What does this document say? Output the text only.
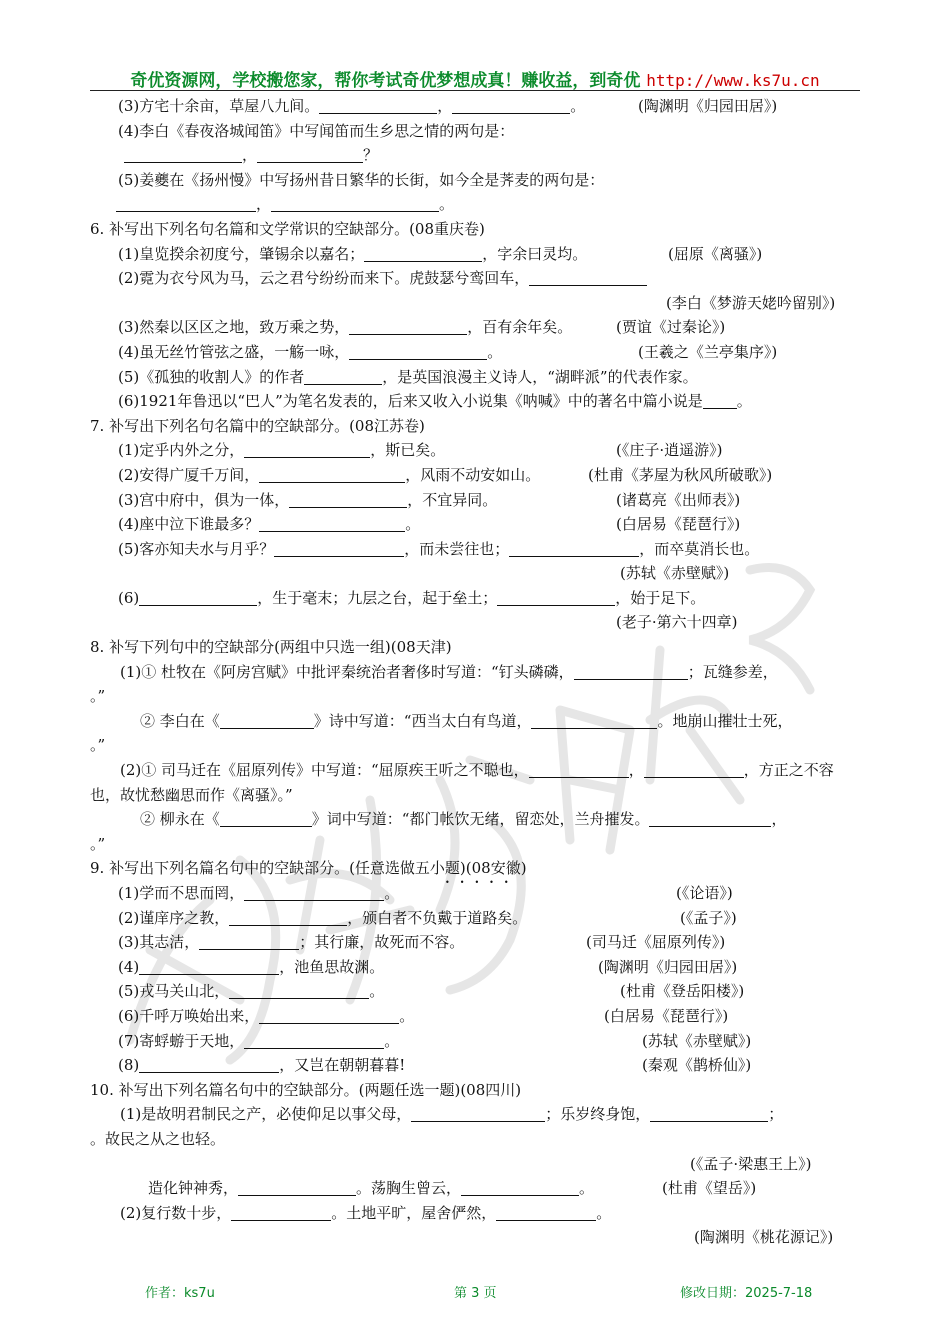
奇优资源网，学校搬您家，帮你考试奇优梦想成真！赚收益，到奇优 http://www.ks7u.cn
(3)方宅十余亩，草屋八九间。	，	。	(陶渊明《归园田居》)
(4)李白《春夜洛城闻笛》中写闻笛而生乡思之情的两句是：
，	？
(5)姜夔在《扬州慢》中写扬州昔日繁华的长街，如今全是荠麦的两句是：
，	。
6. 补写出下列名句名篇和文学常识的空缺部分。(08重庆卷)
(1)皇览揆余初度兮，肇锡余以嘉名；	，字余曰灵均。	(屈原《离骚》)
(2)霓为衣兮风为马，云之君兮纷纷而来下。虎鼓瑟兮鸾回车，
(李白《梦游天姥吟留别》)
(3)然秦以区区之地，致万乘之势，	，百有余年矣。	(贾谊《过秦论》)
(4)虽无丝竹管弦之盛，一觞一咏，	。	(王羲之《兰亭集序》)
(5)《孤独的收割人》的作者	，是英国浪漫主义诗人，“湖畔派”的代表作家。
(6)1921年鲁迅以“巴人”为笔名发表的，后来又收入小说集《呐喊》中的著名中篇小说是 。
7. 补写出下列名句名篇中的空缺部分。(08江苏卷)
(1)定乎内外之分，	，斯已矣。	(《庄子·逍遥游》)
(2)安得广厦千万间，	，风雨不动安如山。	(杜甫《茅屋为秋风所破歌》)
(3)宫中府中，俱为一体，	，不宜异同。	(诸葛亮《出师表》)
(4)座中泣下谁最多？	。	(白居易《琵琶行》)
(5)客亦知夫水与月乎？	，而未尝往也；	，而卒莫消长也。
(苏轼《赤壁赋》)
(6)	，生于毫末；九层之台，起于垒土；	，始于足下。
(老子·第六十四章)
8. 补写下列句中的空缺部分(两组中只选一组)(08天津)
(1)① 杜牧在《阿房宫赋》中批评秦统治者奢侈时写道：“钉头磷磷，	；瓦缝参差，
。”
② 李白在《	》诗中写道：“西当太白有鸟道，	。地崩山摧壮士死，
。”
(2)① 司马迁在《屈原列传》中写道：“屈原疾王听之不聪也，	，	，方正之不容
也，故忧愁幽思而作《离骚》。”
② 柳永在《	》词中写道：“都门帐饮无绪，留恋处，兰舟摧发。	，
。”
9. 补写出下列名篇名句中的空缺部分。(任意选做五小题)(08安徽)
•••••
(1)学而不思而罔，	。	(《论语》)
(2)谨庠序之教，	，颁白者不负戴于道路矣。	(《孟子》)
(3)其志洁，	；其行廉，故死而不容。	(司马迁《屈原列传》)
(4)	，池鱼思故渊。	(陶渊明《归园田居》)
(5)戎马关山北，	。	(杜甫《登岳阳楼》)
(6)千呼万唤始出来，	。	(白居易《琵琶行》)
(7)寄蜉蝣于天地，	。	(苏轼《赤壁赋》)
(8)	，又岂在朝朝暮暮!	(秦观《鹊桥仙》)
10. 补写出下列名篇名句中的空缺部分。(两题任选一题)(08四川)
(1)是故明君制民之产，必使仰足以事父母，	；乐岁终身饱，	；
。故民之从之也轻。
(《孟子·梁惠王上》)
造化钟神秀，	。荡胸生曾云，	。	(杜甫《望岳》)
(2)复行数十步，	。土地平旷，屋舍俨然，	。
(陶渊明《桃花源记》)
作者：ks7u	第 3 页	修改日期：2025-7-18
